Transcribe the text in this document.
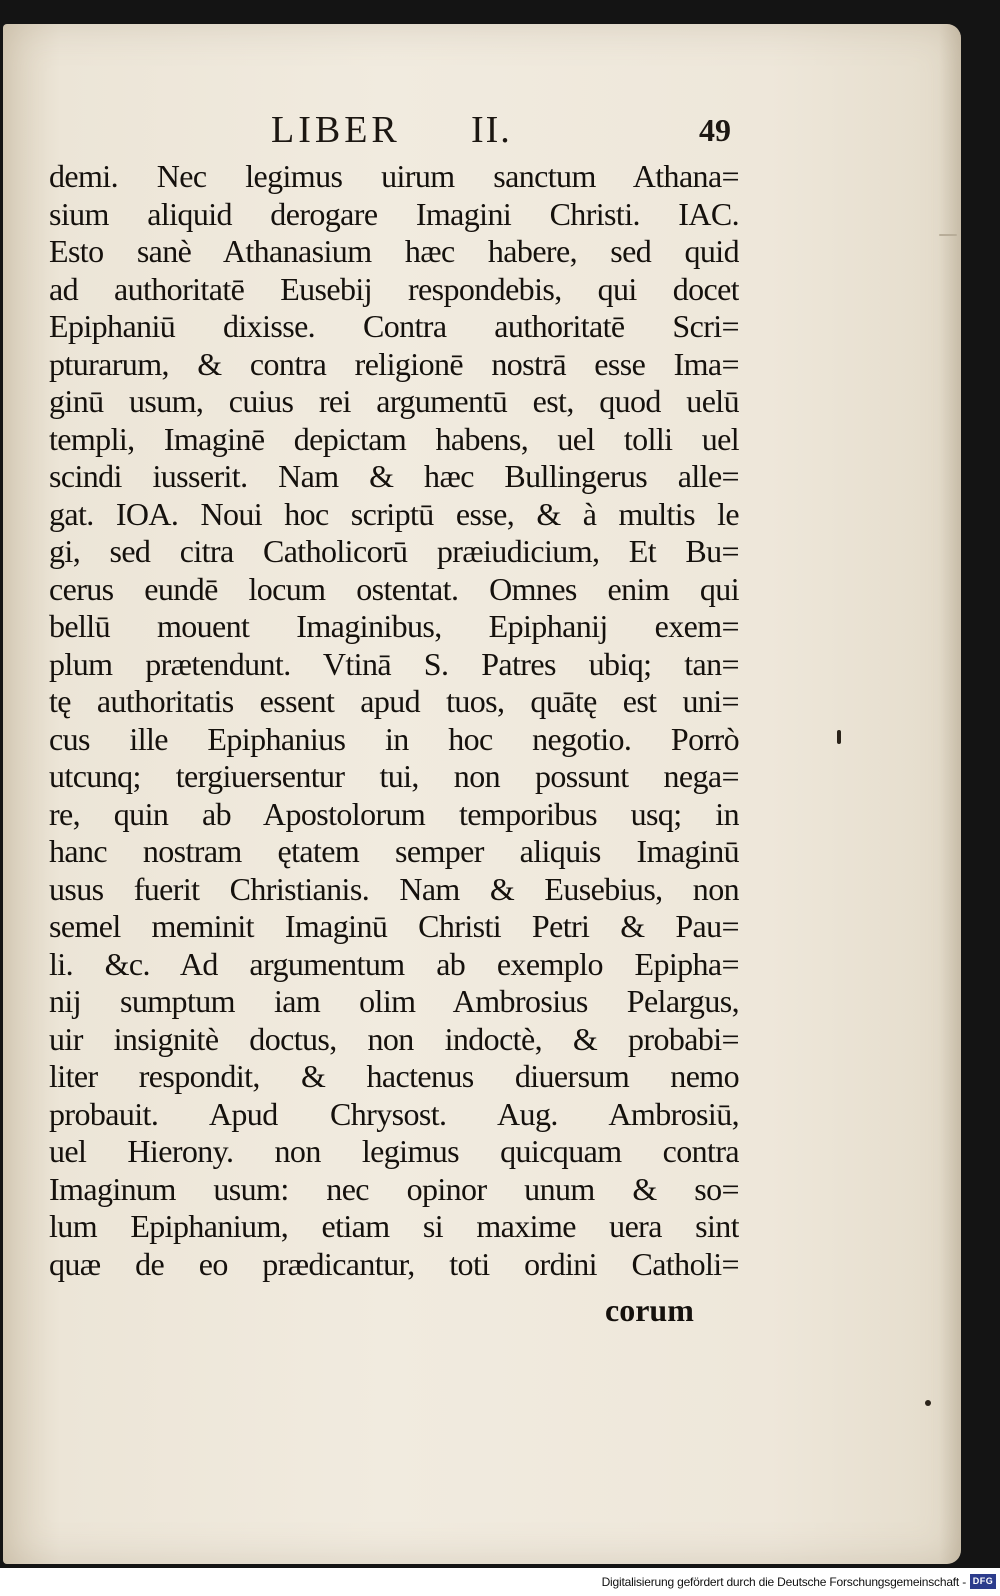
LIBER II.	49
demi. Nec legimus uirum sanctum Athana=
sium aliquid derogare Imagini Christi. IAC.
Esto sanè Athanasium hæc habere, sed quid
ad authoritatē Eusebij respondebis, qui docet
Epiphaniū dixisse. Contra authoritatē Scri=
pturarum, & contra religionē nostrā esse Ima=
ginū usum, cuius rei argumentū est, quod uelū
templi, Imaginē depictam habens, uel tolli uel
scindi iusserit. Nam & hæc Bullingerus alle=
gat. IOA. Noui hoc scriptū esse, & à multis le
gi, sed citra Catholicorū præiudicium, Et Bu=
cerus eundē locum ostentat. Omnes enim qui
bellū mouent Imaginibus, Epiphanij exem=
plum prætendunt. Vtinā S. Patres ubiq; tan=
tę authoritatis essent apud tuos, quātę est uni=
cus ille Epiphanius in hoc negotio. Porrò
utcunq; tergiuersentur tui, non possunt nega=
re, quin ab Apostolorum temporibus usq; in
hanc nostram ętatem semper aliquis Imaginū
usus fuerit Christianis. Nam & Eusebius, non
semel meminit Imaginū Christi Petri & Pau=
li. &c. Ad argumentum ab exemplo Epipha=
nij sumptum iam olim Ambrosius Pelargus,
uir insignitè doctus, non indoctè, & probabi=
liter respondit, & hactenus diuersum nemo
probauit. Apud Chrysost. Aug. Ambrosiū,
uel Hierony. non legimus quicquam contra
Imaginum usum: nec opinor unum & so=
lum Epiphanium, etiam si maxime uera sint
quæ de eo prædicantur, toti ordini Catholi=
corum
Digitalisierung gefördert durch die Deutsche Forschungsgemeinschaft - DFG
